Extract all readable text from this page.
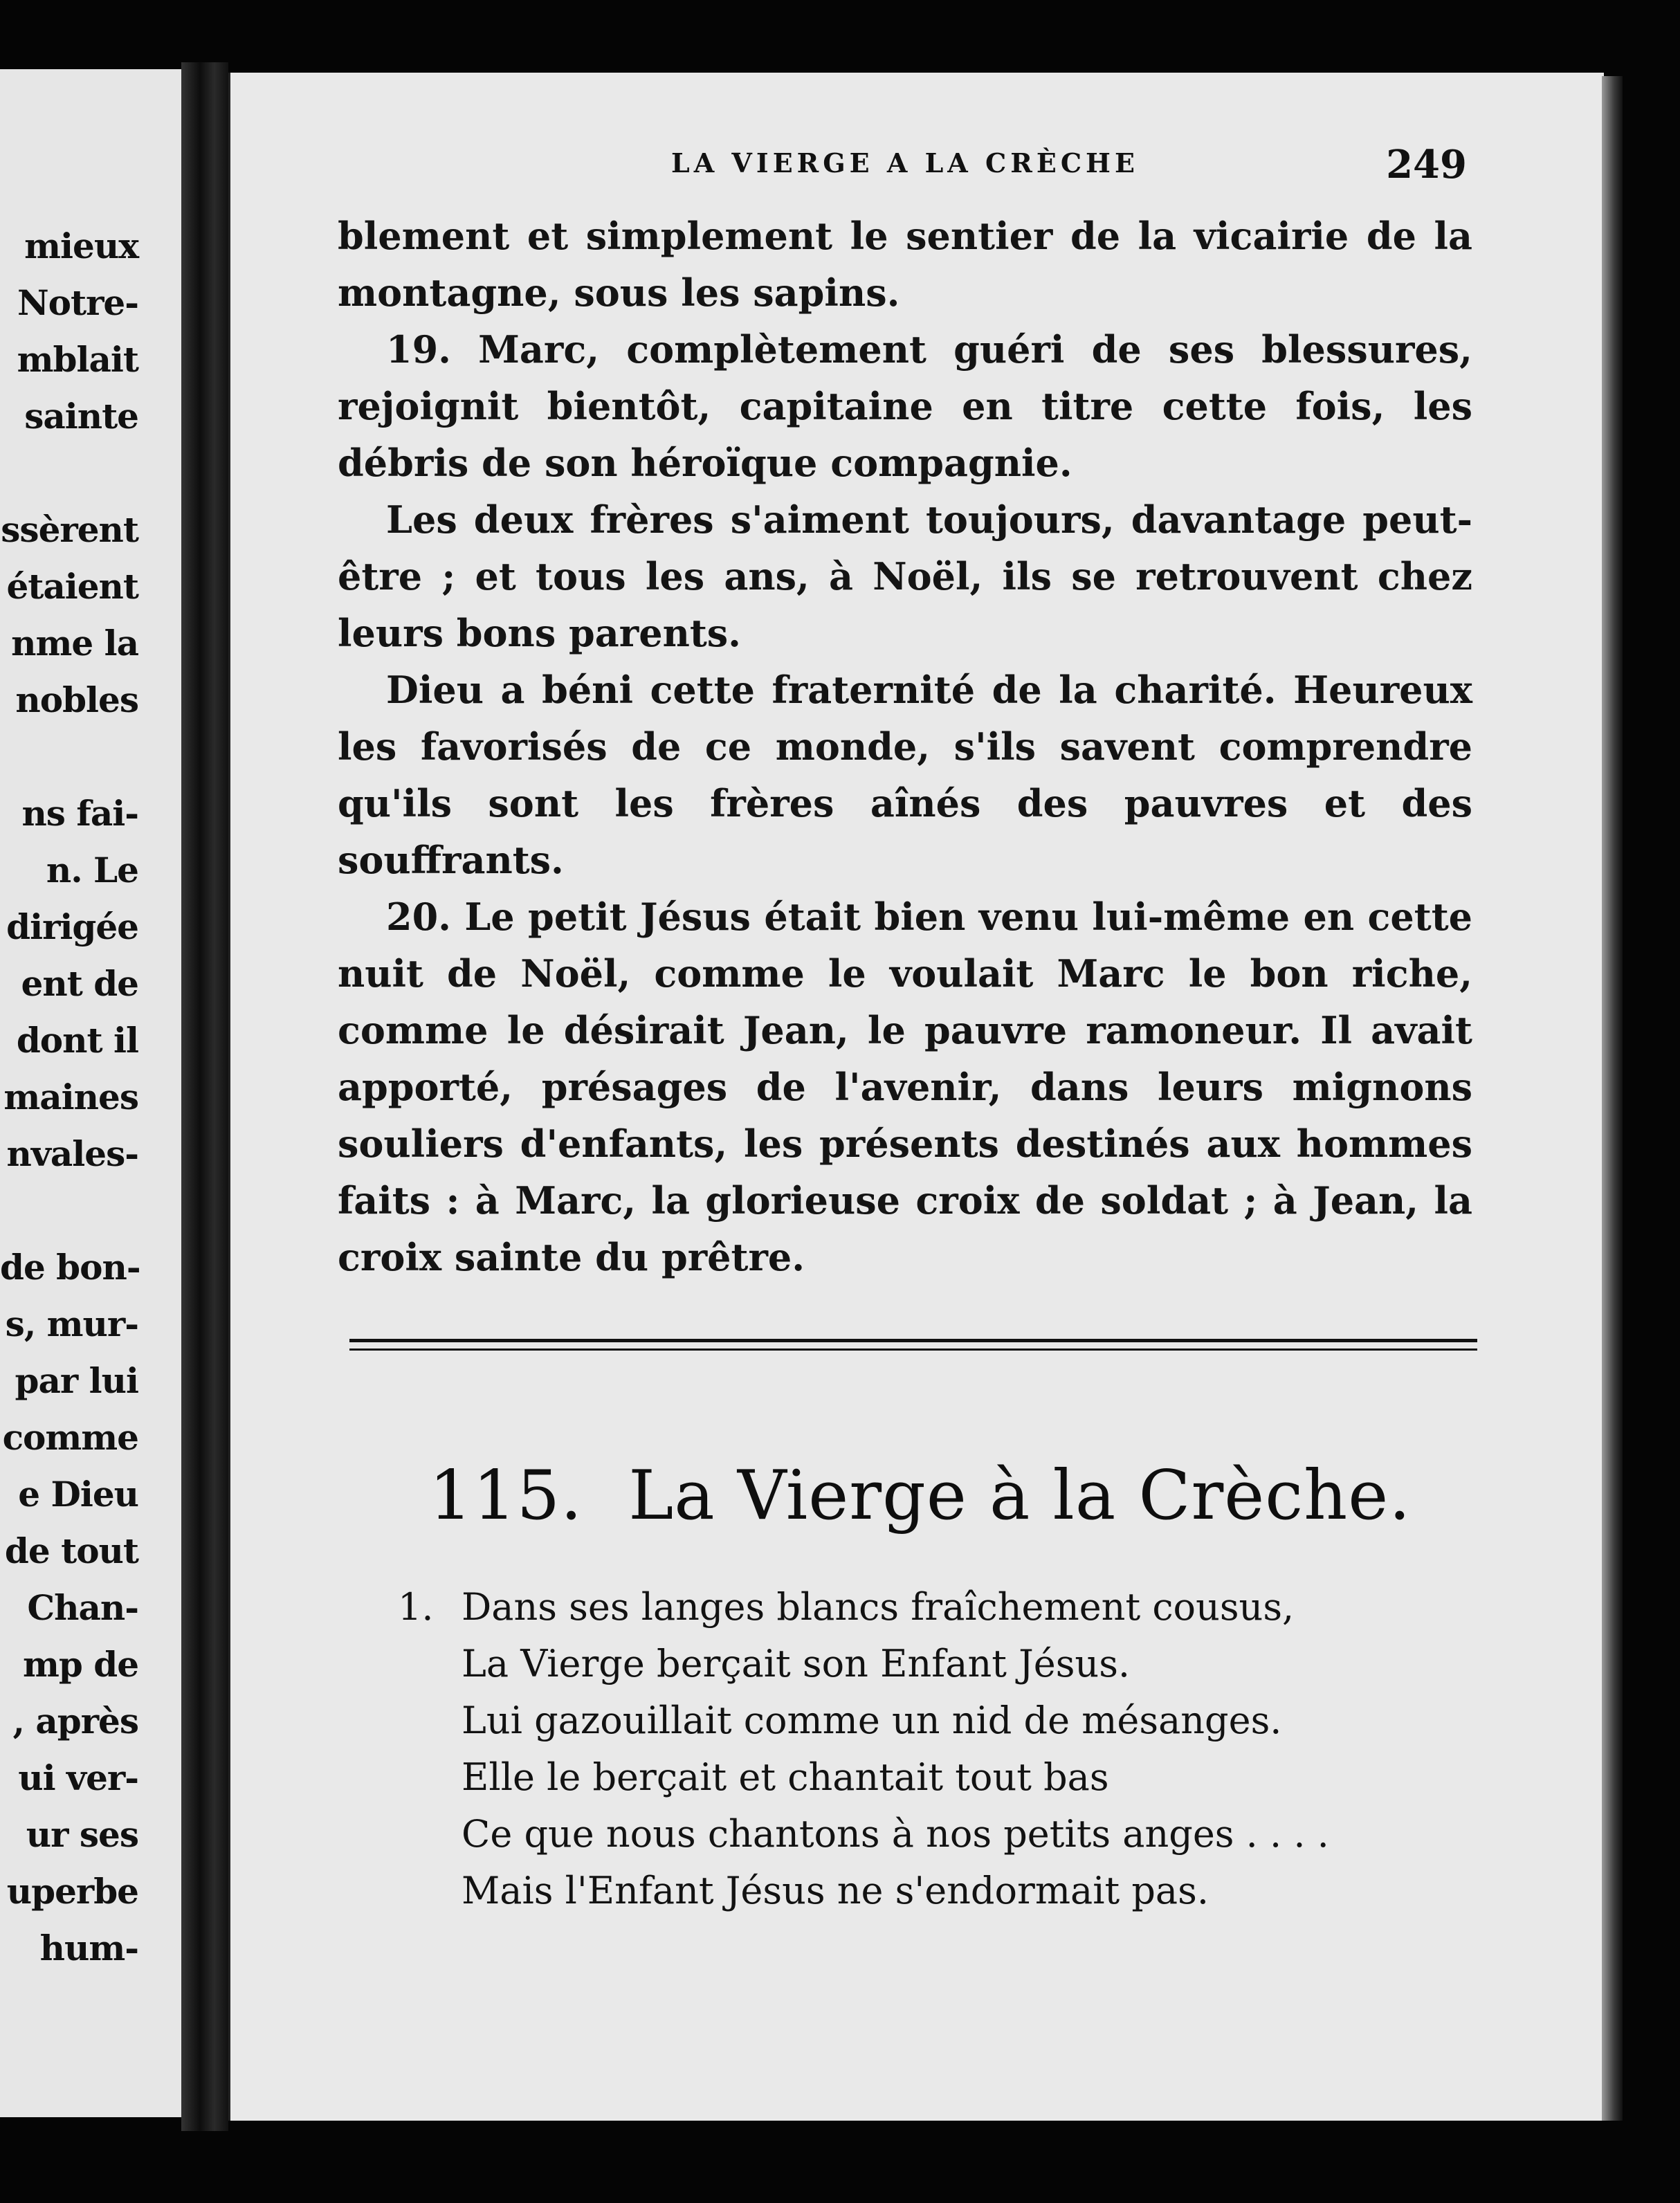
mieux
Notre-
mblait
sainte
ssèrent
étaient
nme la
nobles
ns fai-
n. Le
dirigée
ent de
dont il
maines
nvales-
de bon-
s, mur-
par lui
comme
e Dieu
de tout
Chan-
mp de
, après
ui ver-
ur ses
uperbe
hum-
LA VIERGE A LA CRÈCHE	249

blement et simplement le sentier de la vicairie de la montagne, sous les sapins.

19. Marc, complètement guéri de ses blessures, rejoignit bientôt, capitaine en titre cette fois, les débris de son héroïque compagnie.

Les deux frères s'aiment toujours, davantage peut-être ; et tous les ans, à Noël, ils se retrouvent chez leurs bons parents.

Dieu a béni cette fraternité de la charité. Heureux les favorisés de ce monde, s'ils savent comprendre qu'ils sont les frères aînés des pauvres et des souffrants.

20. Le petit Jésus était bien venu lui-même en cette nuit de Noël, comme le voulait Marc le bon riche, comme le désirait Jean, le pauvre ramoneur. Il avait apporté, présages de l'avenir, dans leurs mignons souliers d'enfants, les présents destinés aux hommes faits : à Marc, la glorieuse croix de soldat ; à Jean, la croix sainte du prêtre.

115. La Vierge à la Crèche.
1. Dans ses langes blancs fraîchement cousus,
La Vierge berçait son Enfant Jésus.
Lui gazouillait comme un nid de mésanges.
Elle le berçait et chantait tout bas
Ce que nous chantons à nos petits anges . . . .
Mais l'Enfant Jésus ne s'endormait pas.
